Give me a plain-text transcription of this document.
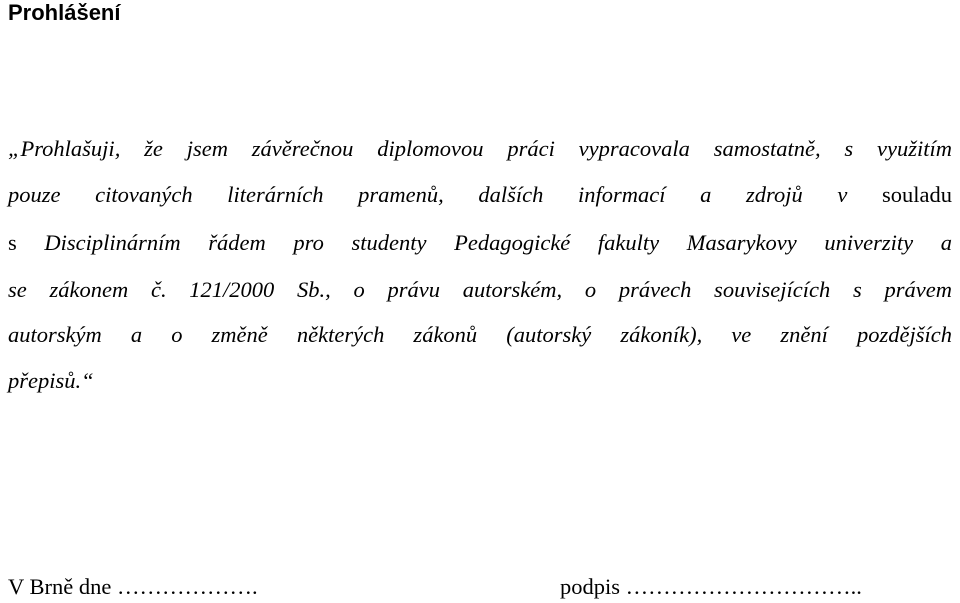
Prohlášení

„Prohlašuji, že jsem závěrečnou diplomovou práci vypracovala samostatně, s využitím

pouze citovaných literárních pramenů, dalších informací a zdrojů v souladu

s Disciplinárním řádem pro studenty Pedagogické fakulty Masarykovy univerzity a

se zákonem č. 121/2000 Sb., o právu autorském, o právech souvisejících s právem

autorským a o změně některých zákonů (autorský zákoník), ve znění pozdějších

přepisů.“

V Brně dne ……………….	podpis …………………………..
